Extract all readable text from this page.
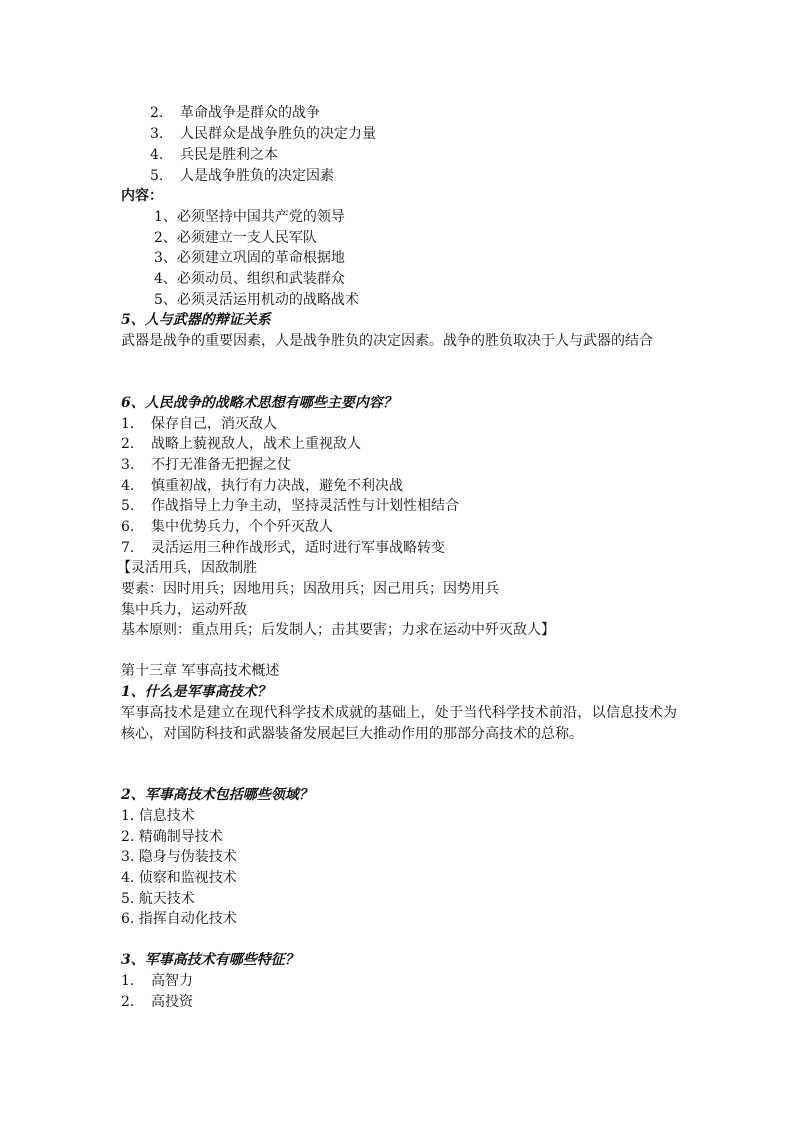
2. 革命战争是群众的战争
3. 人民群众是战争胜负的决定力量
4. 兵民是胜利之本
5. 人是战争胜负的决定因素
内容：
1、必须坚持中国共产党的领导
2、必须建立一支人民军队
3、必须建立巩固的革命根据地
4、必须动员、组织和武装群众
5、必须灵活运用机动的战略战术
5、人与武器的辩证关系
武器是战争的重要因素，人是战争胜负的决定因素。战争的胜负取决于人与武器的结合
6、人民战争的战略术思想有哪些主要内容？
1. 保存自己，消灭敌人
2. 战略上藐视敌人，战术上重视敌人
3. 不打无准备无把握之仗
4. 慎重初战，执行有力决战，避免不利决战
5. 作战指导上力争主动，坚持灵活性与计划性相结合
6. 集中优势兵力，个个歼灭敌人
7. 灵活运用三种作战形式，适时进行军事战略转变
【灵活用兵，因敌制胜
要素：因时用兵；因地用兵；因敌用兵；因己用兵；因势用兵
集中兵力，运动歼敌
基本原则：重点用兵；后发制人；击其要害；力求在运动中歼灭敌人】
第十三章 军事高技术概述
1、什么是军事高技术？
军事高技术是建立在现代科学技术成就的基础上，处于当代科学技术前沿，以信息技术为核心，对国防科技和武器装备发展起巨大推动作用的那部分高技术的总称。
2、军事高技术包括哪些领域？
1. 信息技术
2. 精确制导技术
3. 隐身与伪装技术
4. 侦察和监视技术
5. 航天技术
6. 指挥自动化技术
3、军事高技术有哪些特征？
1. 高智力
2. 高投资
